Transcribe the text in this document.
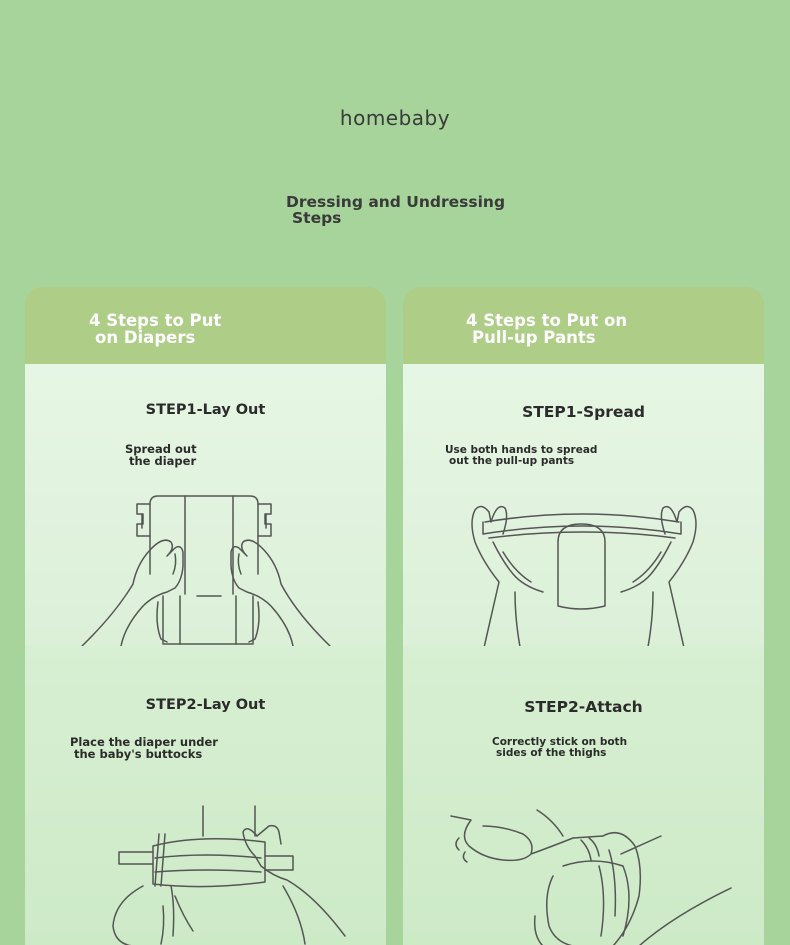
homebaby
Dressing and Undressing
Steps
4 Steps to Put
on Diapers
STEP1-Lay Out
Spread out
the diaper
STEP2-Lay Out
Place the diaper under
the baby's buttocks
4 Steps to Put on
Pull-up Pants
STEP1-Spread
Use both hands to spread
out the pull-up pants
STEP2-Attach
Correctly stick on both
sides of the thighs
